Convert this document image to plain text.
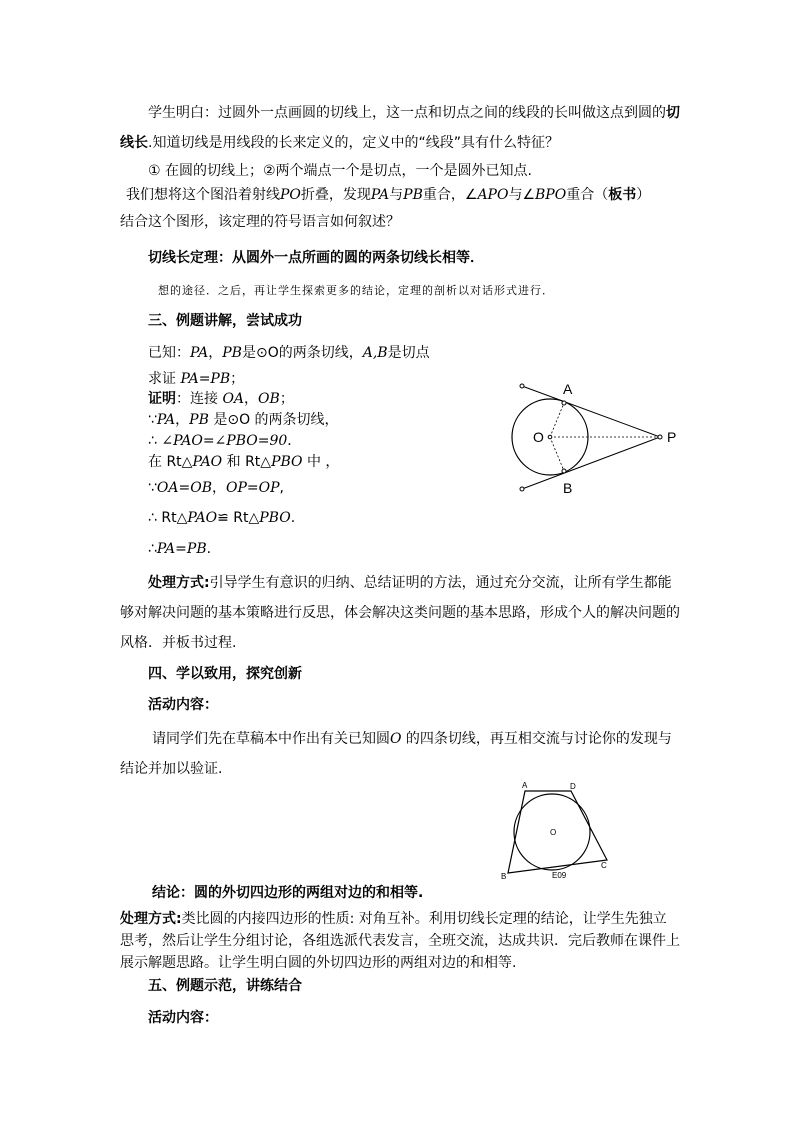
学生明白：过圆外一点画圆的切线上，这一点和切点之间的线段的长叫做这点到圆的切
线长.知道切线是用线段的长来定义的，定义中的“线段”具有什么特征？
① 在圆的切线上；②两个端点一个是切点，一个是圆外已知点.
我们想将这个图沿着射线PO折叠，发现PA与PB重合，∠APO与∠BPO重合（板书）
结合这个图形，该定理的符号语言如何叙述？
切线长定理：从圆外一点所画的圆的两条切线长相等．
想的途径．之后，再让学生探索更多的结论，定理的剖析以对话形式进行．
三、例题讲解，尝试成功
已知：PA，PB是⊙O的两条切线，A,B是切点
求证 PA=PB；
证明：连接 OA，OB；
∵PA，PB 是⊙O 的两条切线，
∴ ∠PAO=∠PBO=90．
在 Rt△PAO 和 Rt△PBO 中 ，
∵OA=OB，OP=OP,
∴ Rt△PAO≌ Rt△PBO.
∴PA=PB.
A
B
O	P
处理方式:引导学生有意识的归纳、总结证明的方法，通过充分交流，让所有学生都能
够对解决问题的基本策略进行反思，体会解决这类问题的基本思路，形成个人的解决问题的
风格．并板书过程.
四、学以致用，探究创新
活动内容：
请同学们先在草稿本中作出有关已知圆O 的四条切线，再互相交流与讨论你的发现与
结论并加以验证.
A	D
O
B
C
E09
结论：圆的外切四边形的两组对边的和相等.
处理方式:类比圆的内接四边形的性质: 对角互补。利用切线长定理的结论，让学生先独立
思考，然后让学生分组讨论，各组选派代表发言，全班交流，达成共识．完后教师在课件上
展示解题思路。让学生明白圆的外切四边形的两组对边的和相等.
五、例题示范，讲练结合
活动内容：
